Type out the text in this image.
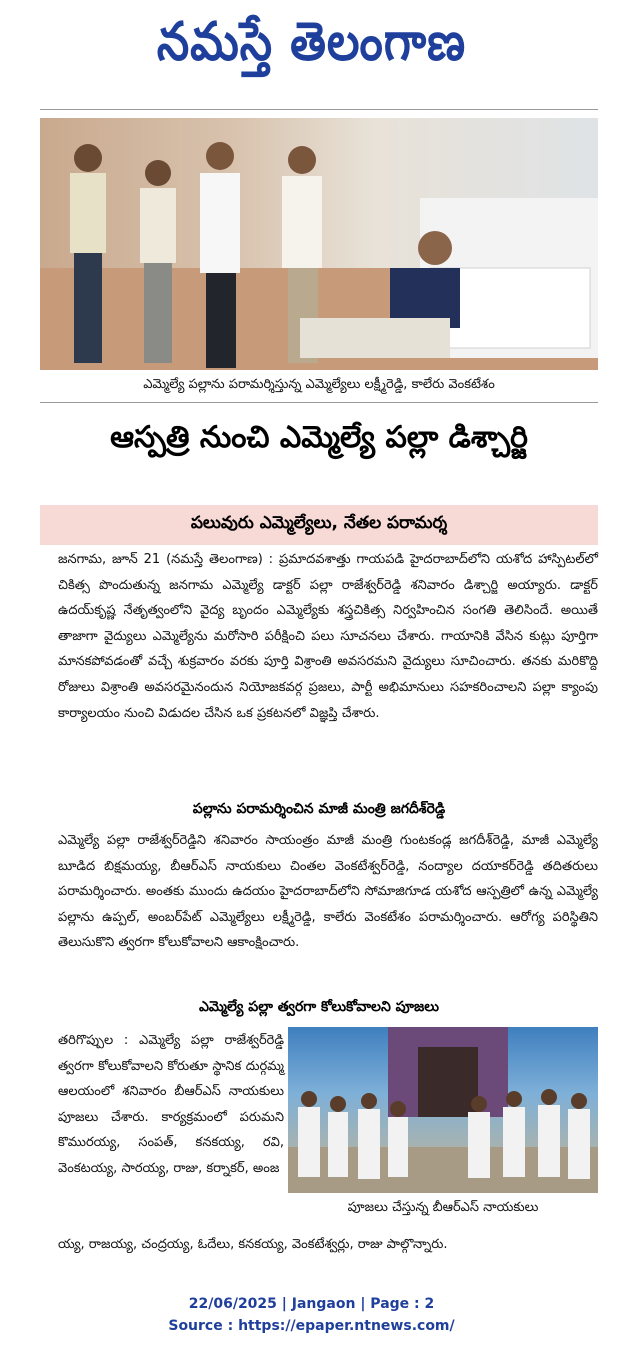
నమస్తే తెలంగాణ
ఎమ్మెల్యే పల్లాను పరామర్శిస్తున్న ఎమ్మెల్యేలు లక్ష్మీరెడ్డి, కాలేరు వెంకటేశం
ఆస్పత్రి నుంచి ఎమ్మెల్యే పల్లా డిశ్చార్జి
పలువురు ఎమ్మెల్యేలు, నేతల పరామర్శ

జనగామ, జూన్ 21 (నమస్తే తెలంగాణ) : ప్రమాదవశాత్తు గాయపడి హైదరాబాద్‌లోని యశోద హాస్పిటల్‌లో చికిత్స పొందుతున్న జనగామ ఎమ్మెల్యే డాక్టర్ పల్లా రాజేశ్వర్‌రెడ్డి శనివారం డిశ్చార్జి అయ్యారు. డాక్టర్ ఉదయ్‌కృష్ణ నేతృత్వంలోని వైద్య బృందం ఎమ్మెల్యేకు శస్త్రచికిత్స నిర్వహించిన సంగతి తెలిసిందే. అయితే తాజాగా వైద్యులు ఎమ్మెల్యేను మరోసారి పరీక్షించి పలు సూచనలు చేశారు. గాయానికి వేసిన కుట్లు పూర్తిగా మానకపోవడంతో వచ్చే శుక్రవారం వరకు పూర్తి విశ్రాంతి అవసరమని వైద్యులు సూచించారు. తనకు మరికొద్ది రోజులు విశ్రాంతి అవసరమైనందున నియోజకవర్గ ప్రజలు, పార్టీ అభిమానులు సహకరించాలని పల్లా క్యాంపు కార్యాలయం నుంచి విడుదల చేసిన ఒక ప్రకటనలో విజ్ఞప్తి చేశారు.

పల్లాను పరామర్శించిన మాజీ మంత్రి జగదీశ్‌రెడ్డి

ఎమ్మెల్యే పల్లా రాజేశ్వర్‌రెడ్డిని శనివారం సాయంత్రం మాజీ మంత్రి గుంటకండ్ల జగదీశ్‌రెడ్డి, మాజీ ఎమ్మెల్యే బూడిద బిక్షమయ్య, బీఆర్ఎస్ నాయకులు చింతల వెంకటేశ్వర్‌రెడ్డి, నంద్యాల దయాకర్‌రెడ్డి తదితరులు పరామర్శించారు. అంతకు ముందు ఉదయం హైదరాబాద్‌లోని సోమాజిగూడ యశోద ఆస్పత్రిలో ఉన్న ఎమ్మెల్యే పల్లాను ఉప్పల్, అంబర్‌పేట్ ఎమ్మెల్యేలు లక్ష్మీరెడ్డి, కాలేరు వెంకటేశం పరామర్శించారు. ఆరోగ్య పరిస్థితిని తెలుసుకొని త్వరగా కోలుకోవాలని ఆకాంక్షించారు.

ఎమ్మెల్యే పల్లా త్వరగా కోలుకోవాలని పూజలు

తరిగొప్పుల : ఎమ్మెల్యే పల్లా రాజేశ్వర్‌రెడ్డి త్వరగా కోలుకోవాలని కోరుతూ స్థానిక దుర్గమ్మ ఆలయంలో శనివారం బీఆర్ఎస్ నాయకులు పూజలు చేశారు. కార్యక్రమంలో పరుమని కొమురయ్య, సంపత్, కనకయ్య, రవి, వెంకటయ్య, సారయ్య, రాజు, కర్నాకర్, అంజ

పూజలు చేస్తున్న బీఆర్ఎస్ నాయకులు

య్య, రాజయ్య, చంద్రయ్య, ఓదేలు, కనకయ్య, వెంకటేశ్వర్లు, రాజు పాల్గొన్నారు.

22/06/2025 | Jangaon | Page : 2
Source : https://epaper.ntnews.com/
